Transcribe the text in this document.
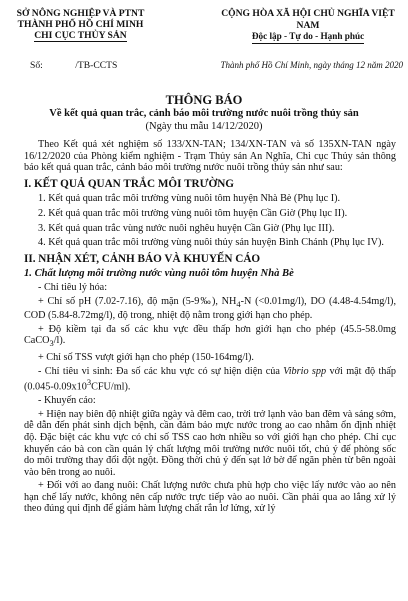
SỞ NÔNG NGHIỆP VÀ PTNT
THÀNH PHỐ HỒ CHÍ MINH
CHI CỤC THỦY SẢN
CỘNG HÒA XÃ HỘI CHỦ NGHĨA VIỆT NAM
Độc lập - Tự do - Hạnh phúc
Số:	/TB-CCTS	Thành phố Hồ Chí Minh, ngày tháng 12 năm 2020
THÔNG BÁO
Về kết quả quan trắc, cảnh báo môi trường nước nuôi trồng thủy sản
(Ngày thu mẫu 14/12/2020)

Theo Kết quả xét nghiệm số 133/XN-TAN; 134/XN-TAN và số 135XN-TAN ngày 16/12/2020 của Phòng kiểm nghiệm - Trạm Thủy sản An Nghĩa, Chi cục Thủy sản thông báo kết quả quan trắc, cảnh báo môi trường nước nuôi trồng thủy sản như sau:

I. KẾT QUẢ QUAN TRẮC MÔI TRƯỜNG

1. Kết quả quan trắc môi trường vùng nuôi tôm huyện Nhà Bè (Phụ lục I).

2. Kết quả quan trắc môi trường vùng nuôi tôm huyện Cần Giờ (Phụ lục II).

3. Kết quả quan trắc vùng nước nuôi nghêu huyện Cần Giờ (Phụ lục III).

4. Kết quả quan trắc môi trường vùng nuôi thủy sản huyện Bình Chánh (Phụ lục IV).

II. NHẬN XÉT, CẢNH BÁO VÀ KHUYẾN CÁO

1. Chất lượng môi trường nước vùng nuôi tôm huyện Nhà Bè

- Chỉ tiêu lý hóa:

+ Chỉ số pH (7.02-7.16), độ mặn (5-9‰), $NH_4-N$ (<0.01mg/l), DO (4.48-4.54mg/l), COD (5.84-8.72mg/l), độ trong, nhiệt độ nằm trong giới hạn cho phép.

+ Độ kiềm tại đa số các khu vực đều thấp hơn giới hạn cho phép (45.5-58.0mg CaCO$_3$/l).

+ Chỉ số TSS vượt giới hạn cho phép (150-164mg/l).

- Chỉ tiêu vi sinh: Đa số các khu vực có sự hiện diện của Vibrio spp với mật độ thấp $(0.045-0.09x10^3CFU/ml)$.

- Khuyến cáo:

+ Hiện nay biên độ nhiệt giữa ngày và đêm cao, trời trở lạnh vào ban đêm và sáng sớm, dễ dẫn đến phát sinh dịch bệnh, cần đảm bảo mực nước trong ao cao nhằm ổn định nhiệt độ. Đặc biệt các khu vực có chỉ số TSS cao hơn nhiều so với giới hạn cho phép. Chỉ cục khuyến cáo bà con cần quản lý chất lượng môi trường nước nuôi tốt, chủ ý để phòng sốc do môi trường thay đổi đột ngột. Đồng thời chủ ý đến sạt lở bờ để ngăn phèn từ bên ngoài vào bên trong ao nuôi.

+ Đối với ao đang nuôi: Chất lượng nước chưa phù hợp cho việc lấy nước vào ao nên hạn chế lấy nước, không nên cấp nước trực tiếp vào ao nuôi. Cần phải qua ao lắng xử lý theo đúng qui định để giảm hàm lượng chất rắn lơ lửng, xử lý
